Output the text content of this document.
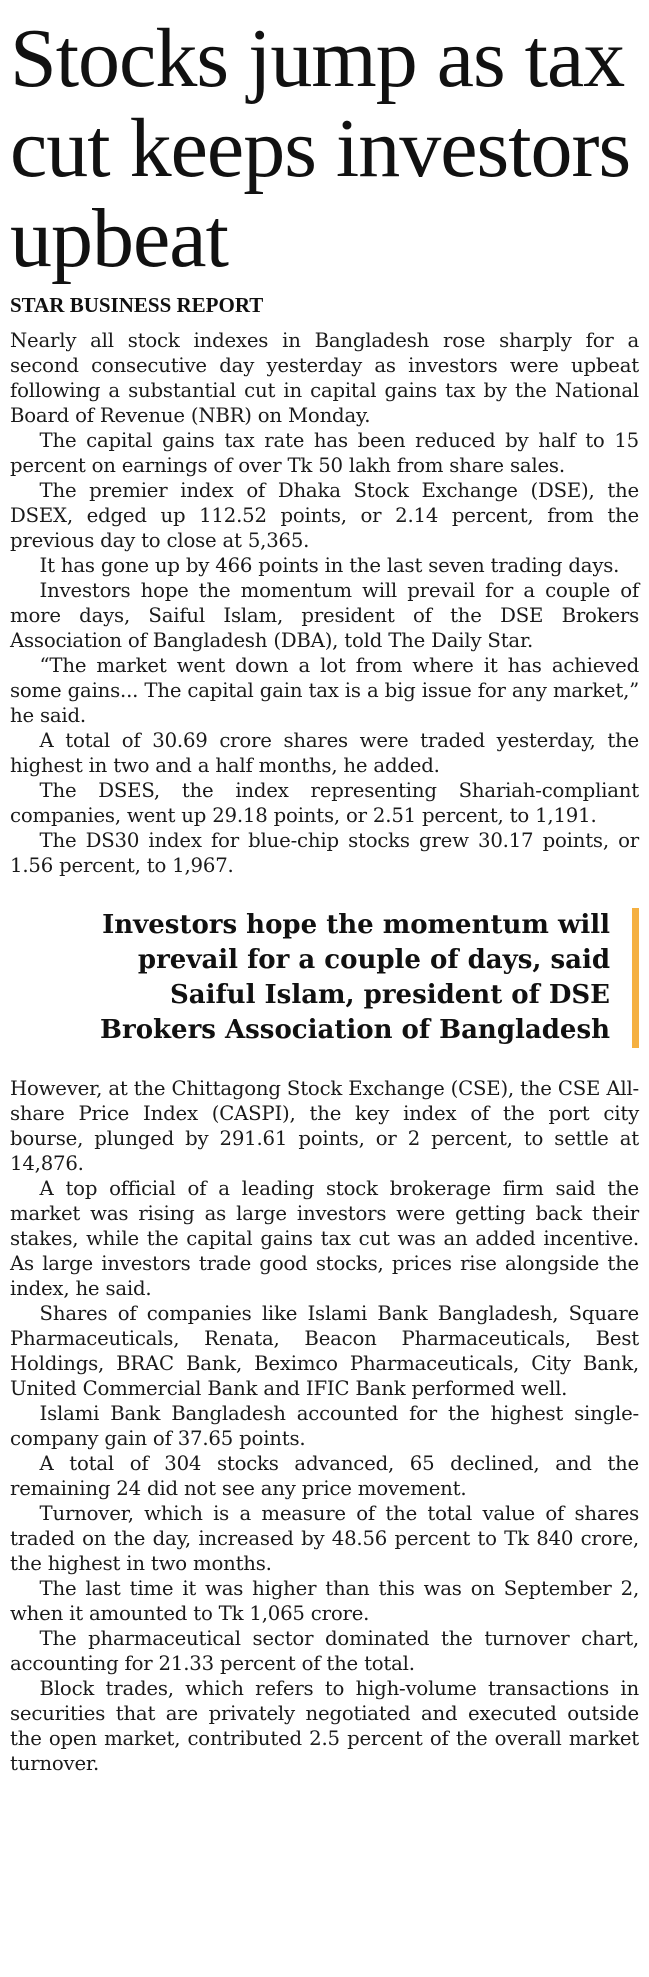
Stocks jump as tax cut keeps investors upbeat
STAR BUSINESS REPORT

Nearly all stock indexes in Bangladesh rose sharply for a second consecutive day yesterday as investors were upbeat following a substantial cut in capital gains tax by the National Board of Revenue (NBR) on Monday.

The capital gains tax rate has been reduced by half to 15 percent on earnings of over Tk 50 lakh from share sales.

The premier index of Dhaka Stock Exchange (DSE), the DSEX, edged up 112.52 points, or 2.14 percent, from the previous day to close at 5,365.

It has gone up by 466 points in the last seven trading days.

Investors hope the momentum will prevail for a couple of more days, Saiful Islam, president of the DSE Brokers Association of Bangladesh (DBA), told The Daily Star.

“The market went down a lot from where it has achieved some gains... The capital gain tax is a big issue for any market,” he said.

A total of 30.69 crore shares were traded yesterday, the highest in two and a half months, he added.

The DSES, the index representing Shariah-compliant companies, went up 29.18 points, or 2.51 percent, to 1,191.

The DS30 index for blue-chip stocks grew 30.17 points, or 1.56 percent, to 1,967.

Investors hope the momentum will prevail for a couple of days, said Saiful Islam, president of DSE Brokers Association of Bangladesh

However, at the Chittagong Stock Exchange (CSE), the CSE All-share Price Index (CASPI), the key index of the port city bourse, plunged by 291.61 points, or 2 percent, to settle at 14,876.

A top official of a leading stock brokerage firm said the market was rising as large investors were getting back their stakes, while the capital gains tax cut was an added incentive. As large investors trade good stocks, prices rise alongside the index, he said.

Shares of companies like Islami Bank Bangladesh, Square Pharmaceuticals, Renata, Beacon Pharmaceuticals, Best Holdings, BRAC Bank, Beximco Pharmaceuticals, City Bank, United Commercial Bank and IFIC Bank performed well.

Islami Bank Bangladesh accounted for the highest single-company gain of 37.65 points.

A total of 304 stocks advanced, 65 declined, and the remaining 24 did not see any price movement.

Turnover, which is a measure of the total value of shares traded on the day, increased by 48.56 percent to Tk 840 crore, the highest in two months.

The last time it was higher than this was on September 2, when it amounted to Tk 1,065 crore.

The pharmaceutical sector dominated the turnover chart, accounting for 21.33 percent of the total.

Block trades, which refers to high-volume transactions in securities that are privately negotiated and executed outside the open market, contributed 2.5 percent of the overall market turnover.
